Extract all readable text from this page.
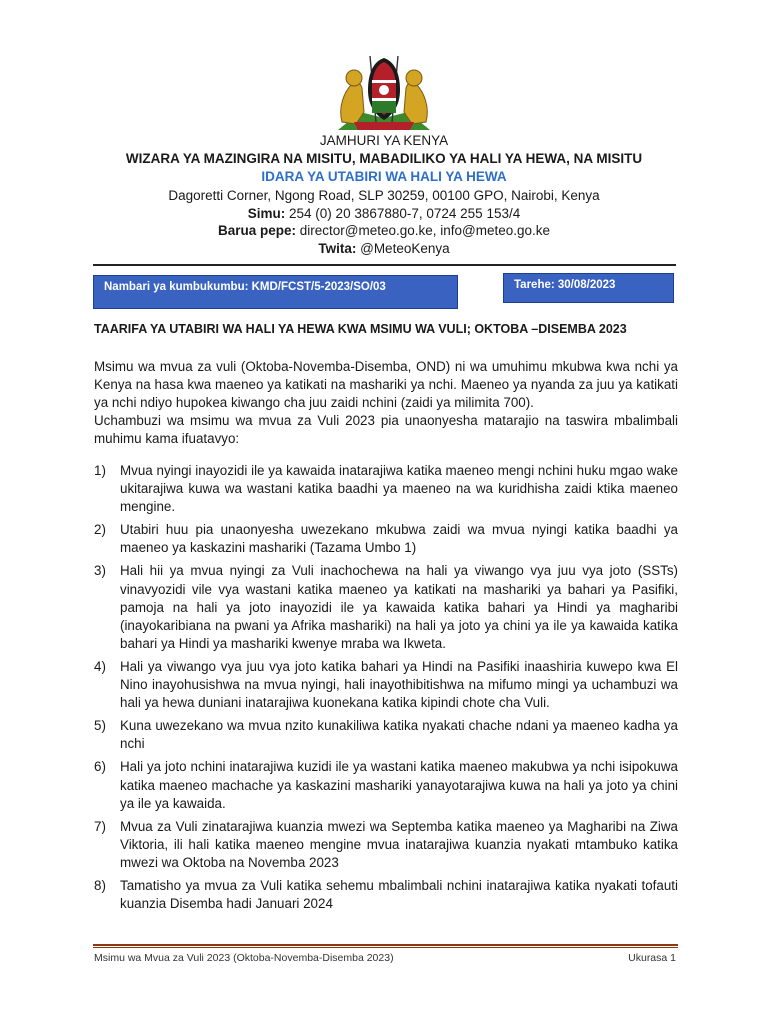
JAMHURI YA KENYA
WIZARA YA MAZINGIRA NA MISITU, MABADILIKO YA HALI YA HEWA, NA MISITU
IDARA YA UTABIRI WA HALI YA HEWA
Dagoretti Corner, Ngong Road, SLP 30259, 00100 GPO, Nairobi, Kenya
Simu: 254 (0) 20 3867880-7, 0724 255 153/4
Barua pepe: director@meteo.go.ke, info@meteo.go.ke
Twita: @MeteoKenya
Nambari ya kumbukumbu: KMD/FCST/5-2023/SO/03	Tarehe: 30/08/2023
TAARIFA YA UTABIRI WA HALI YA HEWA KWA MSIMU WA VULI; OKTOBA –DISEMBA 2023
Msimu wa mvua za vuli (Oktoba-Novemba-Disemba, OND) ni wa umuhimu mkubwa kwa nchi ya Kenya na hasa kwa maeneo ya katikati na mashariki ya nchi. Maeneo ya nyanda za juu ya katikati ya nchi ndiyo hupokea kiwango cha juu zaidi nchini (zaidi ya milimita 700).
Uchambuzi wa msimu wa mvua za Vuli 2023 pia unaonyesha matarajio na taswira mbalimbali muhimu kama ifuatavyo:
1) Mvua nyingi inayozidi ile ya kawaida inatarajiwa katika maeneo mengi nchini huku mgao wake ukitarajiwa kuwa wa wastani katika baadhi ya maeneo na wa kuridhisha zaidi ktika maeneo mengine.
2) Utabiri huu pia unaonyesha uwezekano mkubwa zaidi wa mvua nyingi katika baadhi ya maeneo ya kaskazini mashariki (Tazama Umbo 1)
3) Hali hii ya mvua nyingi za Vuli inachochewa na hali ya viwango vya juu vya joto (SSTs) vinavyozidi vile vya wastani katika maeneo ya katikati na mashariki ya bahari ya Pasifiki, pamoja na hali ya joto inayozidi ile ya kawaida katika bahari ya Hindi ya magharibi (inayokaribiana na pwani ya Afrika mashariki) na hali ya joto ya chini ya ile ya kawaida katika bahari ya Hindi ya mashariki kwenye mraba wa Ikweta.
4) Hali ya viwango vya juu vya joto katika bahari ya Hindi na Pasifiki inaashiria kuwepo kwa El Nino inayohusishwa na mvua nyingi, hali inayothibitishwa na mifumo mingi ya uchambuzi wa hali ya hewa duniani inatarajiwa kuonekana katika kipindi chote cha Vuli.
5) Kuna uwezekano wa mvua nzito kunakiliwa katika nyakati chache ndani ya maeneo kadha ya nchi
6) Hali ya joto nchini inatarajiwa kuzidi ile ya wastani katika maeneo makubwa ya nchi isipokuwa katika maeneo machache ya kaskazini mashariki yanayotarajiwa kuwa na hali ya joto ya chini ya ile ya kawaida.
7) Mvua za Vuli zinatarajiwa kuanzia mwezi wa Septemba katika maeneo ya Magharibi na Ziwa Viktoria, ili hali katika maeneo mengine mvua inatarajiwa kuanzia nyakati mtambuko katika mwezi wa Oktoba na Novemba 2023
8) Tamatisho ya mvua za Vuli katika sehemu mbalimbali nchini inatarajiwa katika nyakati tofauti kuanzia Disemba hadi Januari 2024
Msimu wa Mvua za Vuli 2023 (Oktoba-Novemba-Disemba 2023)	Ukurasa 1
